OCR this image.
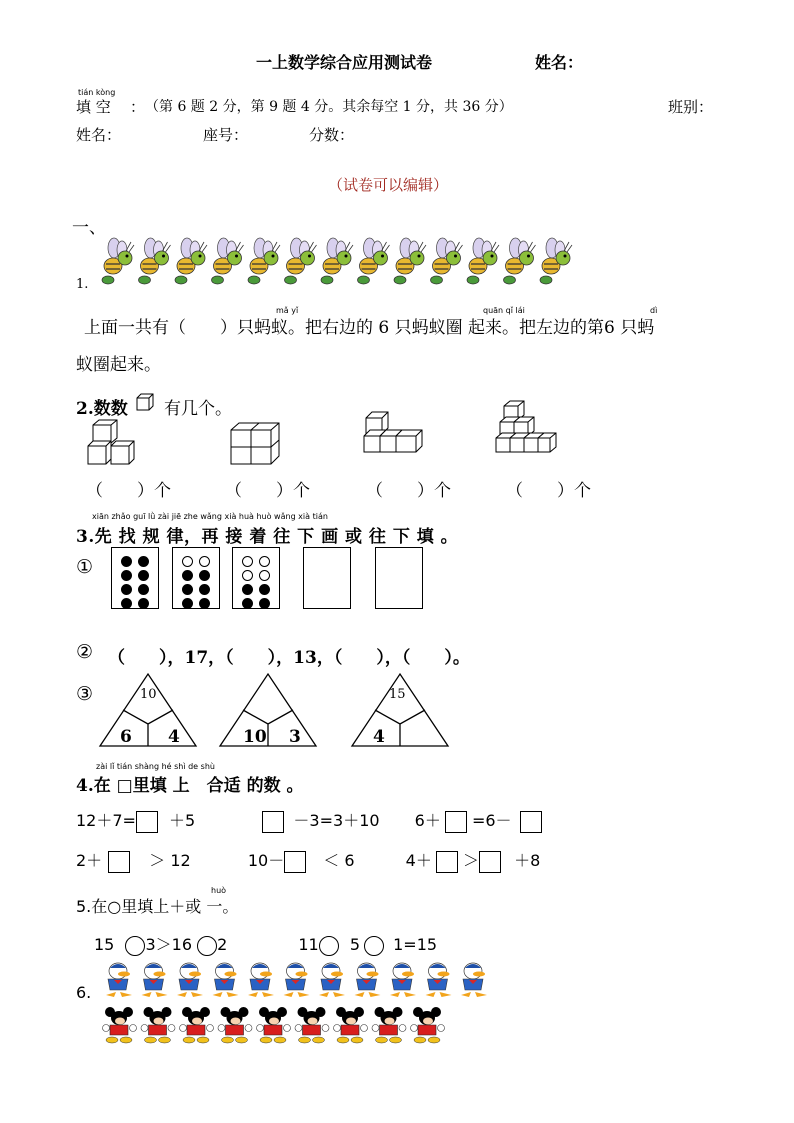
一上数学综合应用测试卷	姓名：
tián kòng
填 空 ： （第 6 题 2 分，第 9 题 4 分。其余每空 1 分，共 36 分）	班别：
姓名：	座号：	分数：
（试卷可以编辑）
一、
1.
mǎ yǐ	quān qǐ lái	dì
上面一共有（　　）只蚂蚁。把右边的 6 只蚂蚁圈 起来。把左边的第6 只蚂
蚁圈起来。
2.数数 有几个。
（　　）个	（　　）个	（　　）个	（　　）个
xiān zhǎo guī lǜ zài jiē zhe wǎng xià huà huò wǎng xià tián
3.先 找 规 律，再 接 着 往 下 画 或 往 下 填 。
①
② （　　），17，（　　），13，（　　），（　　）。
③	10
6 4	10 3
15
4
zài lǐ tián shàng hé shì de shù
4.在 □里填 上　合适 的数 。
12＋7= ＋5	－3=3＋10 6＋ =6－
2＋	＞ 12	10－ ＜ 6	4＋ ＞ ＋8
huò
5.在○里填上＋或 一。
15 3＞16 2	11 5 1=15
6.
